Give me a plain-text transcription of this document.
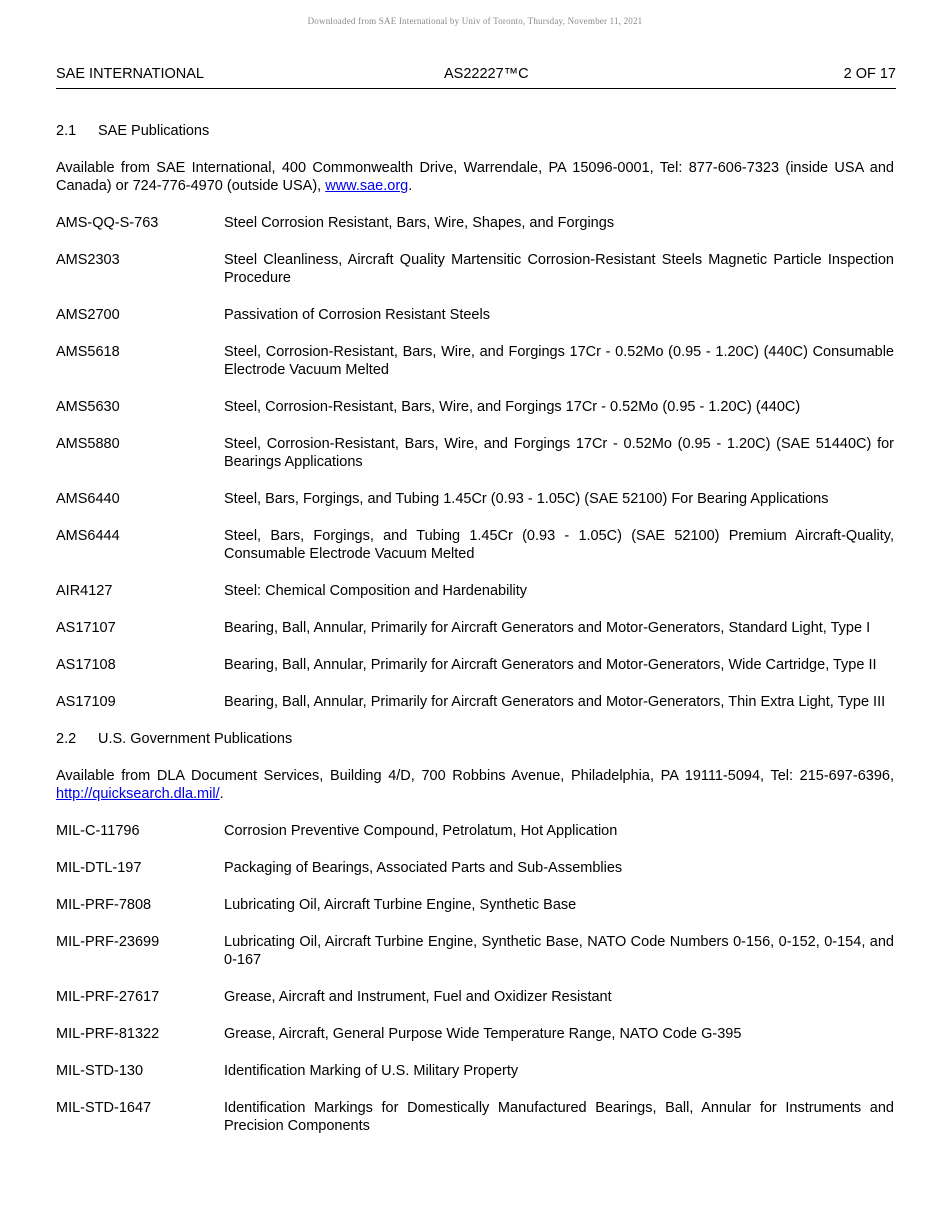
Downloaded from SAE International by Univ of Toronto, Thursday, November 11, 2021
SAE INTERNATIONAL	AS22227™C	2 OF 17
2.1 SAE Publications
Available from SAE International, 400 Commonwealth Drive, Warrendale, PA 15096-0001, Tel: 877-606-7323 (inside USA and Canada) or 724-776-4970 (outside USA), www.sae.org.
AMS-QQ-S-763	Steel Corrosion Resistant, Bars, Wire, Shapes, and Forgings
AMS2303	Steel Cleanliness, Aircraft Quality Martensitic Corrosion-Resistant Steels Magnetic Particle Inspection Procedure
AMS2700	Passivation of Corrosion Resistant Steels
AMS5618	Steel, Corrosion-Resistant, Bars, Wire, and Forgings 17Cr - 0.52Mo (0.95 - 1.20C) (440C) Consumable Electrode Vacuum Melted
AMS5630	Steel, Corrosion-Resistant, Bars, Wire, and Forgings 17Cr - 0.52Mo (0.95 - 1.20C) (440C)
AMS5880	Steel, Corrosion-Resistant, Bars, Wire, and Forgings 17Cr - 0.52Mo (0.95 - 1.20C) (SAE 51440C) for Bearings Applications
AMS6440	Steel, Bars, Forgings, and Tubing 1.45Cr (0.93 - 1.05C) (SAE 52100) For Bearing Applications
AMS6444	Steel, Bars, Forgings, and Tubing 1.45Cr (0.93 - 1.05C) (SAE 52100) Premium Aircraft-Quality, Consumable Electrode Vacuum Melted
AIR4127	Steel: Chemical Composition and Hardenability
AS17107	Bearing, Ball, Annular, Primarily for Aircraft Generators and Motor-Generators, Standard Light, Type I
AS17108	Bearing, Ball, Annular, Primarily for Aircraft Generators and Motor-Generators, Wide Cartridge, Type II
AS17109	Bearing, Ball, Annular, Primarily for Aircraft Generators and Motor-Generators, Thin Extra Light, Type III
2.2 U.S. Government Publications
Available from DLA Document Services, Building 4/D, 700 Robbins Avenue, Philadelphia, PA 19111-5094, Tel: 215-697-6396, http://quicksearch.dla.mil/.
MIL-C-11796	Corrosion Preventive Compound, Petrolatum, Hot Application
MIL-DTL-197	Packaging of Bearings, Associated Parts and Sub-Assemblies
MIL-PRF-7808	Lubricating Oil, Aircraft Turbine Engine, Synthetic Base
MIL-PRF-23699	Lubricating Oil, Aircraft Turbine Engine, Synthetic Base, NATO Code Numbers 0-156, 0-152, 0-154, and 0-167
MIL-PRF-27617	Grease, Aircraft and Instrument, Fuel and Oxidizer Resistant
MIL-PRF-81322	Grease, Aircraft, General Purpose Wide Temperature Range, NATO Code G-395
MIL-STD-130	Identification Marking of U.S. Military Property
MIL-STD-1647	Identification Markings for Domestically Manufactured Bearings, Ball, Annular for Instruments and Precision Components
